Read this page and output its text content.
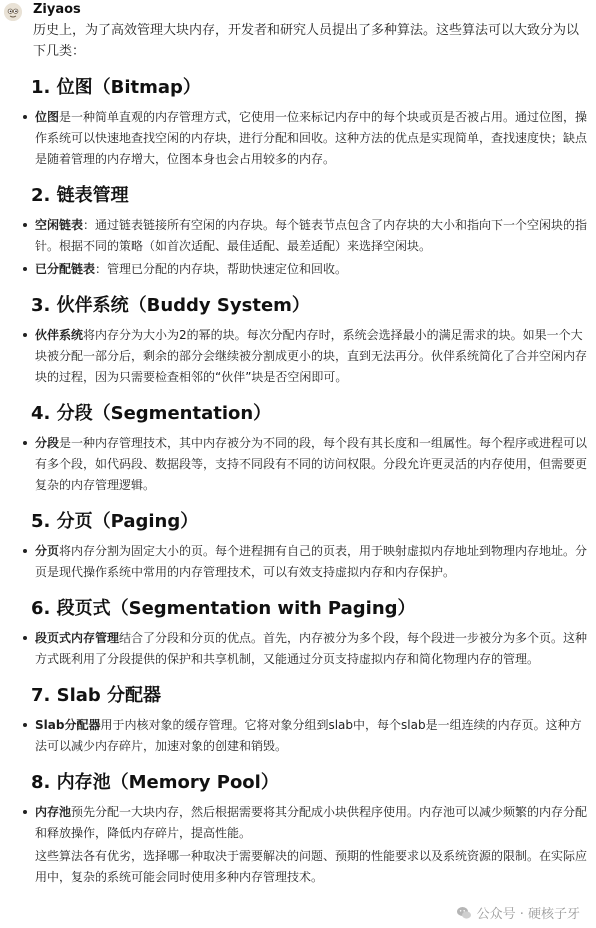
Ziyaos

历史上，为了高效管理大块内存，开发者和研究人员提出了多种算法。这些算法可以大致分为以下几类：

1. 位图（Bitmap）
位图是一种简单直观的内存管理方式，它使用一位来标记内存中的每个块或页是否被占用。通过位图，操作系统可以快速地查找空闲的内存块，进行分配和回收。这种方法的优点是实现简单，查找速度快；缺点是随着管理的内存增大，位图本身也会占用较多的内存。
2. 链表管理
空闲链表：通过链表链接所有空闲的内存块。每个链表节点包含了内存块的大小和指向下一个空闲块的指针。根据不同的策略（如首次适配、最佳适配、最差适配）来选择空闲块。
已分配链表：管理已分配的内存块，帮助快速定位和回收。
3. 伙伴系统（Buddy System）
伙伴系统将内存分为大小为2的幂的块。每次分配内存时，系统会选择最小的满足需求的块。如果一个大块被分配一部分后，剩余的部分会继续被分割成更小的块，直到无法再分。伙伴系统简化了合并空闲内存块的过程，因为只需要检查相邻的“伙伴”块是否空闲即可。
4. 分段（Segmentation）
分段是一种内存管理技术，其中内存被分为不同的段，每个段有其长度和一组属性。每个程序或进程可以有多个段，如代码段、数据段等，支持不同段有不同的访问权限。分段允许更灵活的内存使用，但需要更复杂的内存管理逻辑。
5. 分页（Paging）
分页将内存分割为固定大小的页。每个进程拥有自己的页表，用于映射虚拟内存地址到物理内存地址。分页是现代操作系统中常用的内存管理技术，可以有效支持虚拟内存和内存保护。
6. 段页式（Segmentation with Paging）
段页式内存管理结合了分段和分页的优点。首先，内存被分为多个段，每个段进一步被分为多个页。这种方式既利用了分段提供的保护和共享机制，又能通过分页支持虚拟内存和简化物理内存的管理。
7. Slab 分配器
Slab分配器用于内核对象的缓存管理。它将对象分组到slab中，每个slab是一组连续的内存页。这种方法可以减少内存碎片，加速对象的创建和销毁。
8. 内存池（Memory Pool）
内存池预先分配一大块内存，然后根据需要将其分配成小块供程序使用。内存池可以减少频繁的内存分配和释放操作，降低内存碎片，提高性能。

这些算法各有优劣，选择哪一种取决于需要解决的问题、预期的性能要求以及系统资源的限制。在实际应用中，复杂的系统可能会同时使用多种内存管理技术。

公众号 · 硬核子牙
